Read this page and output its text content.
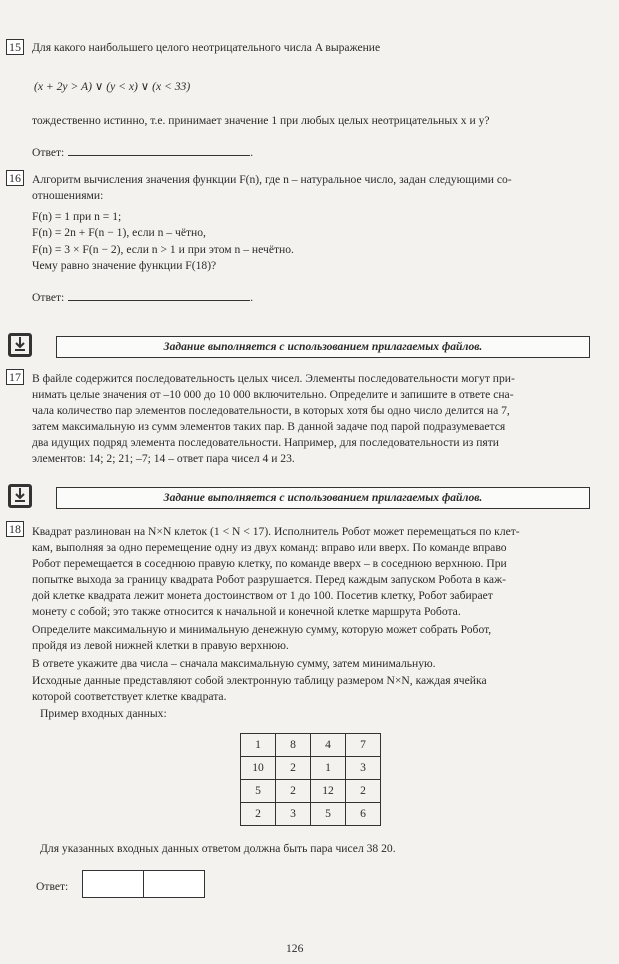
15 Для какого наибольшего целого неотрицательного числа A выражение
(x + 2y > A) ∨ (y < x) ∨ (x < 33)
тождественно истинно, т.е. принимает значение 1 при любых целых неотрицательных x и y?
Ответ:	.
16 Алгоритм вычисления значения функции F(n), где n – натуральное число, задан следующими со-
отношениями:
F(n) = 1 при n = 1;
F(n) = 2n + F(n − 1), если n – чётно,
F(n) = 3 × F(n − 2), если n > 1 и при этом n – нечётно.
Чему равно значение функции F(18)?
Ответ:	.
Задание выполняется с использованием прилагаемых файлов.
17 В файле содержится последовательность целых чисел. Элементы последовательности могут при-
нимать целые значения от –10 000 до 10 000 включительно. Определите и запишите в ответе сна-
чала количество пар элементов последовательности, в которых хотя бы одно число делится на 7,
затем максимальную из сумм элементов таких пар. В данной задаче под парой подразумевается
два идущих подряд элемента последовательности. Например, для последовательности из пяти
элементов: 14; 2; 21; –7; 14 – ответ пара чисел 4 и 23.
Задание выполняется с использованием прилагаемых файлов.
18 Квадрат разлинован на N×N клеток (1 < N < 17). Исполнитель Робот может перемещаться по клет-
кам, выполняя за одно перемещение одну из двух команд: вправо или вверх. По команде вправо
Робот перемещается в соседнюю правую клетку, по команде вверх – в соседнюю верхнюю. При
попытке выхода за границу квадрата Робот разрушается. Перед каждым запуском Робота в каж-
дой клетке квадрата лежит монета достоинством от 1 до 100. Посетив клетку, Робот забирает
монету с собой; это также относится к начальной и конечной клетке маршрута Робота.
Определите максимальную и минимальную денежную сумму, которую может собрать Робот,
пройдя из левой нижней клетки в правую верхнюю.
В ответе укажите два числа – сначала максимальную сумму, затем минимальную.
Исходные данные представляют собой электронную таблицу размером N×N, каждая ячейка
которой соответствует клетке квадрата.
Пример входных данных:
1	8	4	7
10	2	1	3
5	2	12	2
2	3	5	6
Для указанных входных данных ответом должна быть пара чисел 38 20.
Ответ:
126
